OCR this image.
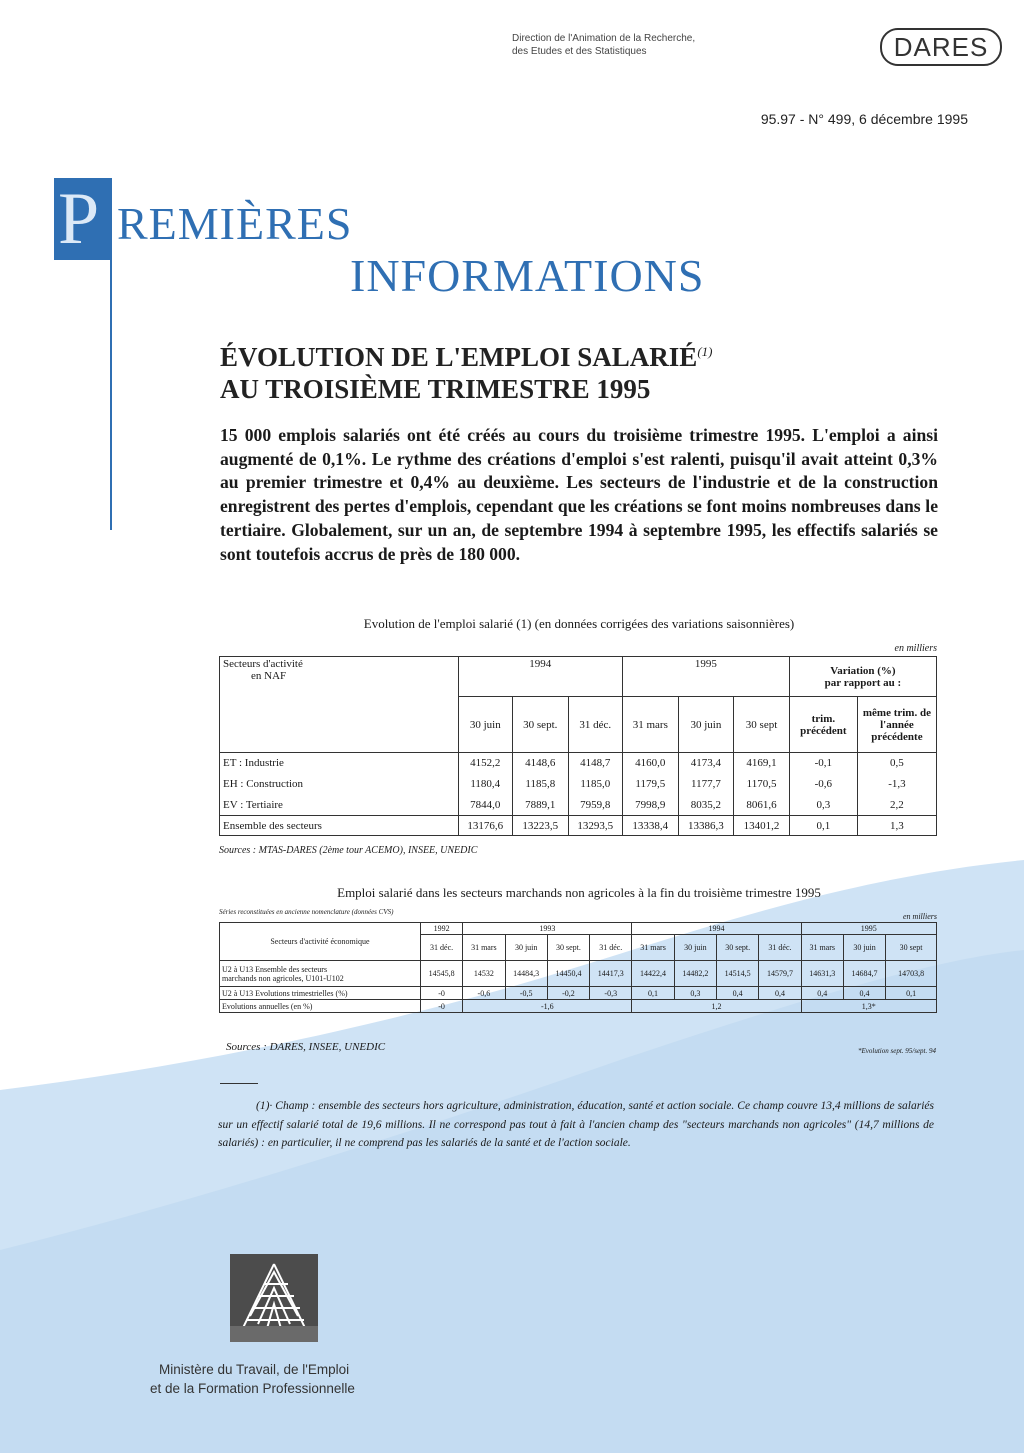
Direction de l'Animation de la Recherche,
des Etudes et des Statistiques	DARES
95.97 - N° 499, 6 décembre 1995
P REMIÈRES
INFORMATIONS
ÉVOLUTION DE L'EMPLOI SALARIÉ$^{(1)}$
AU TROISIÈME TRIMESTRE 1995
15 000 emplois salariés ont été créés au cours du troisième trimestre 1995. L'emploi a ainsi augmenté de 0,1%. Le rythme des créations d'emploi s'est ralenti, puisqu'il avait atteint 0,3% au premier trimestre et 0,4% au deuxième. Les secteurs de l'industrie et de la construction enregistrent des pertes d'emplois, cependant que les créations se font moins nombreuses dans le tertiaire. Globalement, sur un an, de septembre 1994 à septembre 1995, les effectifs salariés se sont toutefois accrus de près de 180 000.
Evolution de l'emploi salarié (1) (en données corrigées des variations saisonnières)
en milliers
Secteurs d'activité
en NAF	1994			1995			Variation (%)
par rapport au :	
	30 juin	30 sept.	31 déc.	31 mars	30 juin	30 sept	trim. précédent	même trim. de l'année précédente
ET : Industrie	4152,2	4148,6	4148,7	4160,0	4173,4	4169,1	-0,1	0,5
EH : Construction	1180,4	1185,8	1185,0	1179,5	1177,7	1170,5	-0,6	-1,3
EV : Tertiaire	7844,0	7889,1	7959,8	7998,9	8035,2	8061,6	0,3	2,2
Ensemble des secteurs	13176,6	13223,5	13293,5	13338,4	13386,3	13401,2	0,1	1,3
Sources : MTAS-DARES (2ème tour ACEMO), INSEE, UNEDIC
Emploi salarié dans les secteurs marchands non agricoles à la fin du troisième trimestre 1995
Séries reconstituées en ancienne nomenclature (données CVS)	en milliers
Secteurs d'activité économique	1992	1993				1994				1995		
	31 déc.	31 mars	30 juin	30 sept.	31 déc.	31 mars	30 juin	30 sept.	31 déc.	31 mars	30 juin	30 sept
U2 à U13 Ensemble des secteurs
marchands non agricoles, U101-U102	14545,8	14532	14484,3	14450,4	14417,3	14422,4	14482,2	14514,5	14579,7	14631,3	14684,7	14703,8
U2 à U13 Evolutions trimestrielles (%)	-0	-0,6	-0,5	-0,2	-0,3	0,1	0,3	0,4	0,4	0,4	0,4	0,1
Evolutions annuelles (en %)	-0	-1,6				1,2				1,3*		
Sources : DARES, INSEE, UNEDIC	*Evolution sept. 95/sept. 94
(1)· Champ : ensemble des secteurs hors agriculture, administration, éducation, santé et action sociale. Ce champ couvre 13,4 millions de salariés sur un effectif salarié total de 19,6 millions. Il ne correspond pas tout à fait à l'ancien champ des "secteurs marchands non agricoles" (14,7 millions de salariés) : en particulier, il ne comprend pas les salariés de la santé et de l'action sociale.
Ministère du Travail, de l'Emploi
et de la Formation Professionnelle
